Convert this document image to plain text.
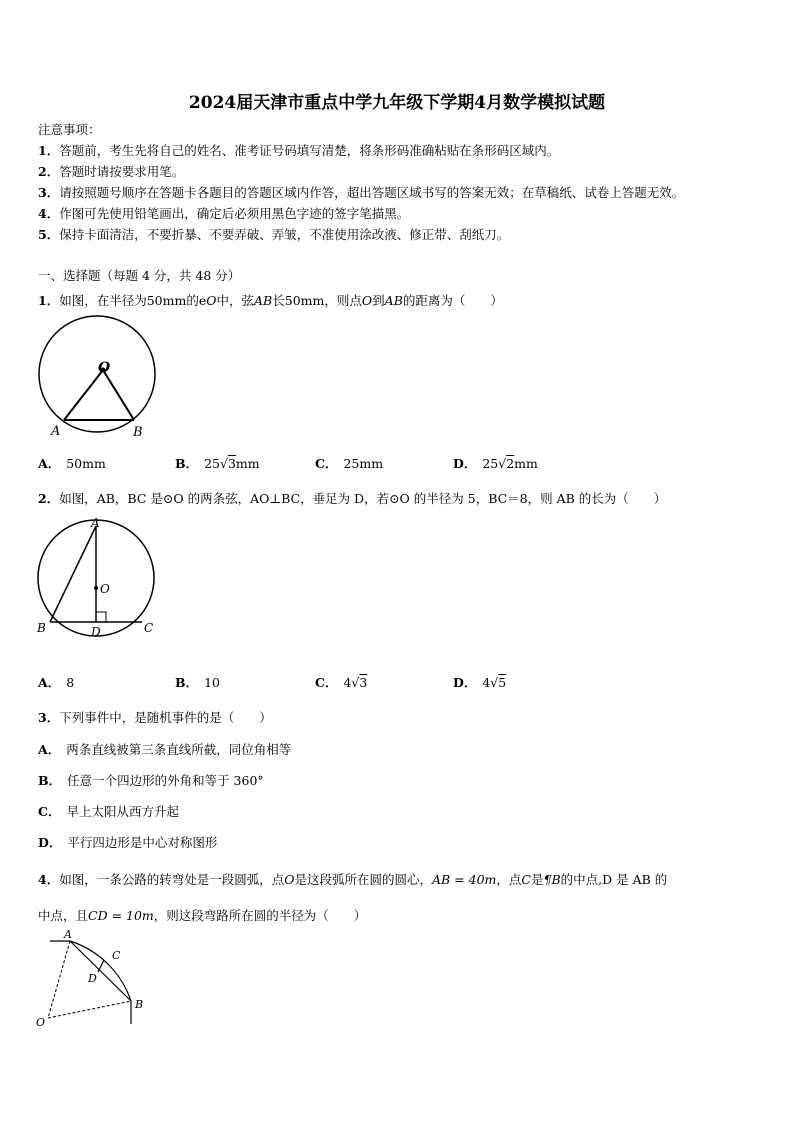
2024届天津市重点中学九年级下学期4月数学模拟试题
注意事项：
1．答题前，考生先将自己的姓名、准考证号码填写清楚，将条形码准确粘贴在条形码区域内。
2．答题时请按要求用笔。
3．请按照题号顺序在答题卡各题目的答题区域内作答，超出答题区域书写的答案无效；在草稿纸、试卷上答题无效。
4．作图可先使用铅笔画出，确定后必须用黑色字迹的签字笔描黑。
5．保持卡面清洁，不要折暴、不要弄破、弄皱，不准使用涂改液、修正带、刮纸刀。
一、选择题（每题 4 分，共 48 分）
1．如图，在半径为50mm的eO中，弦AB长50mm，则点O到AB的距离为（　　）
O
A	B
A． 50mm	B． 25√3mm	C． 25mm	D． 25√2mm
2．如图，AB，BC 是⊙O 的两条弦，AO⊥BC，垂足为 D，若⊙O 的半径为 5，BC＝8，则 AB 的长为（　　）
A
O
B	D	C
A． 8	B． 10	C． 4√3	D． 4√5
3．下列事件中，是随机事件的是（　　）
A． 两条直线被第三条直线所截，同位角相等
B． 任意一个四边形的外角和等于 360°
C． 早上太阳从西方升起
D． 平行四边形是中心对称图形
4．如图，一条公路的转弯处是一段圆弧，点O是这段弧所在圆的圆心，AB = 40m，点C是¶B的中点,D 是 AB 的
中点，且CD = 10m，则这段弯路所在圆的半径为（　　）
A
C
D
B
O
